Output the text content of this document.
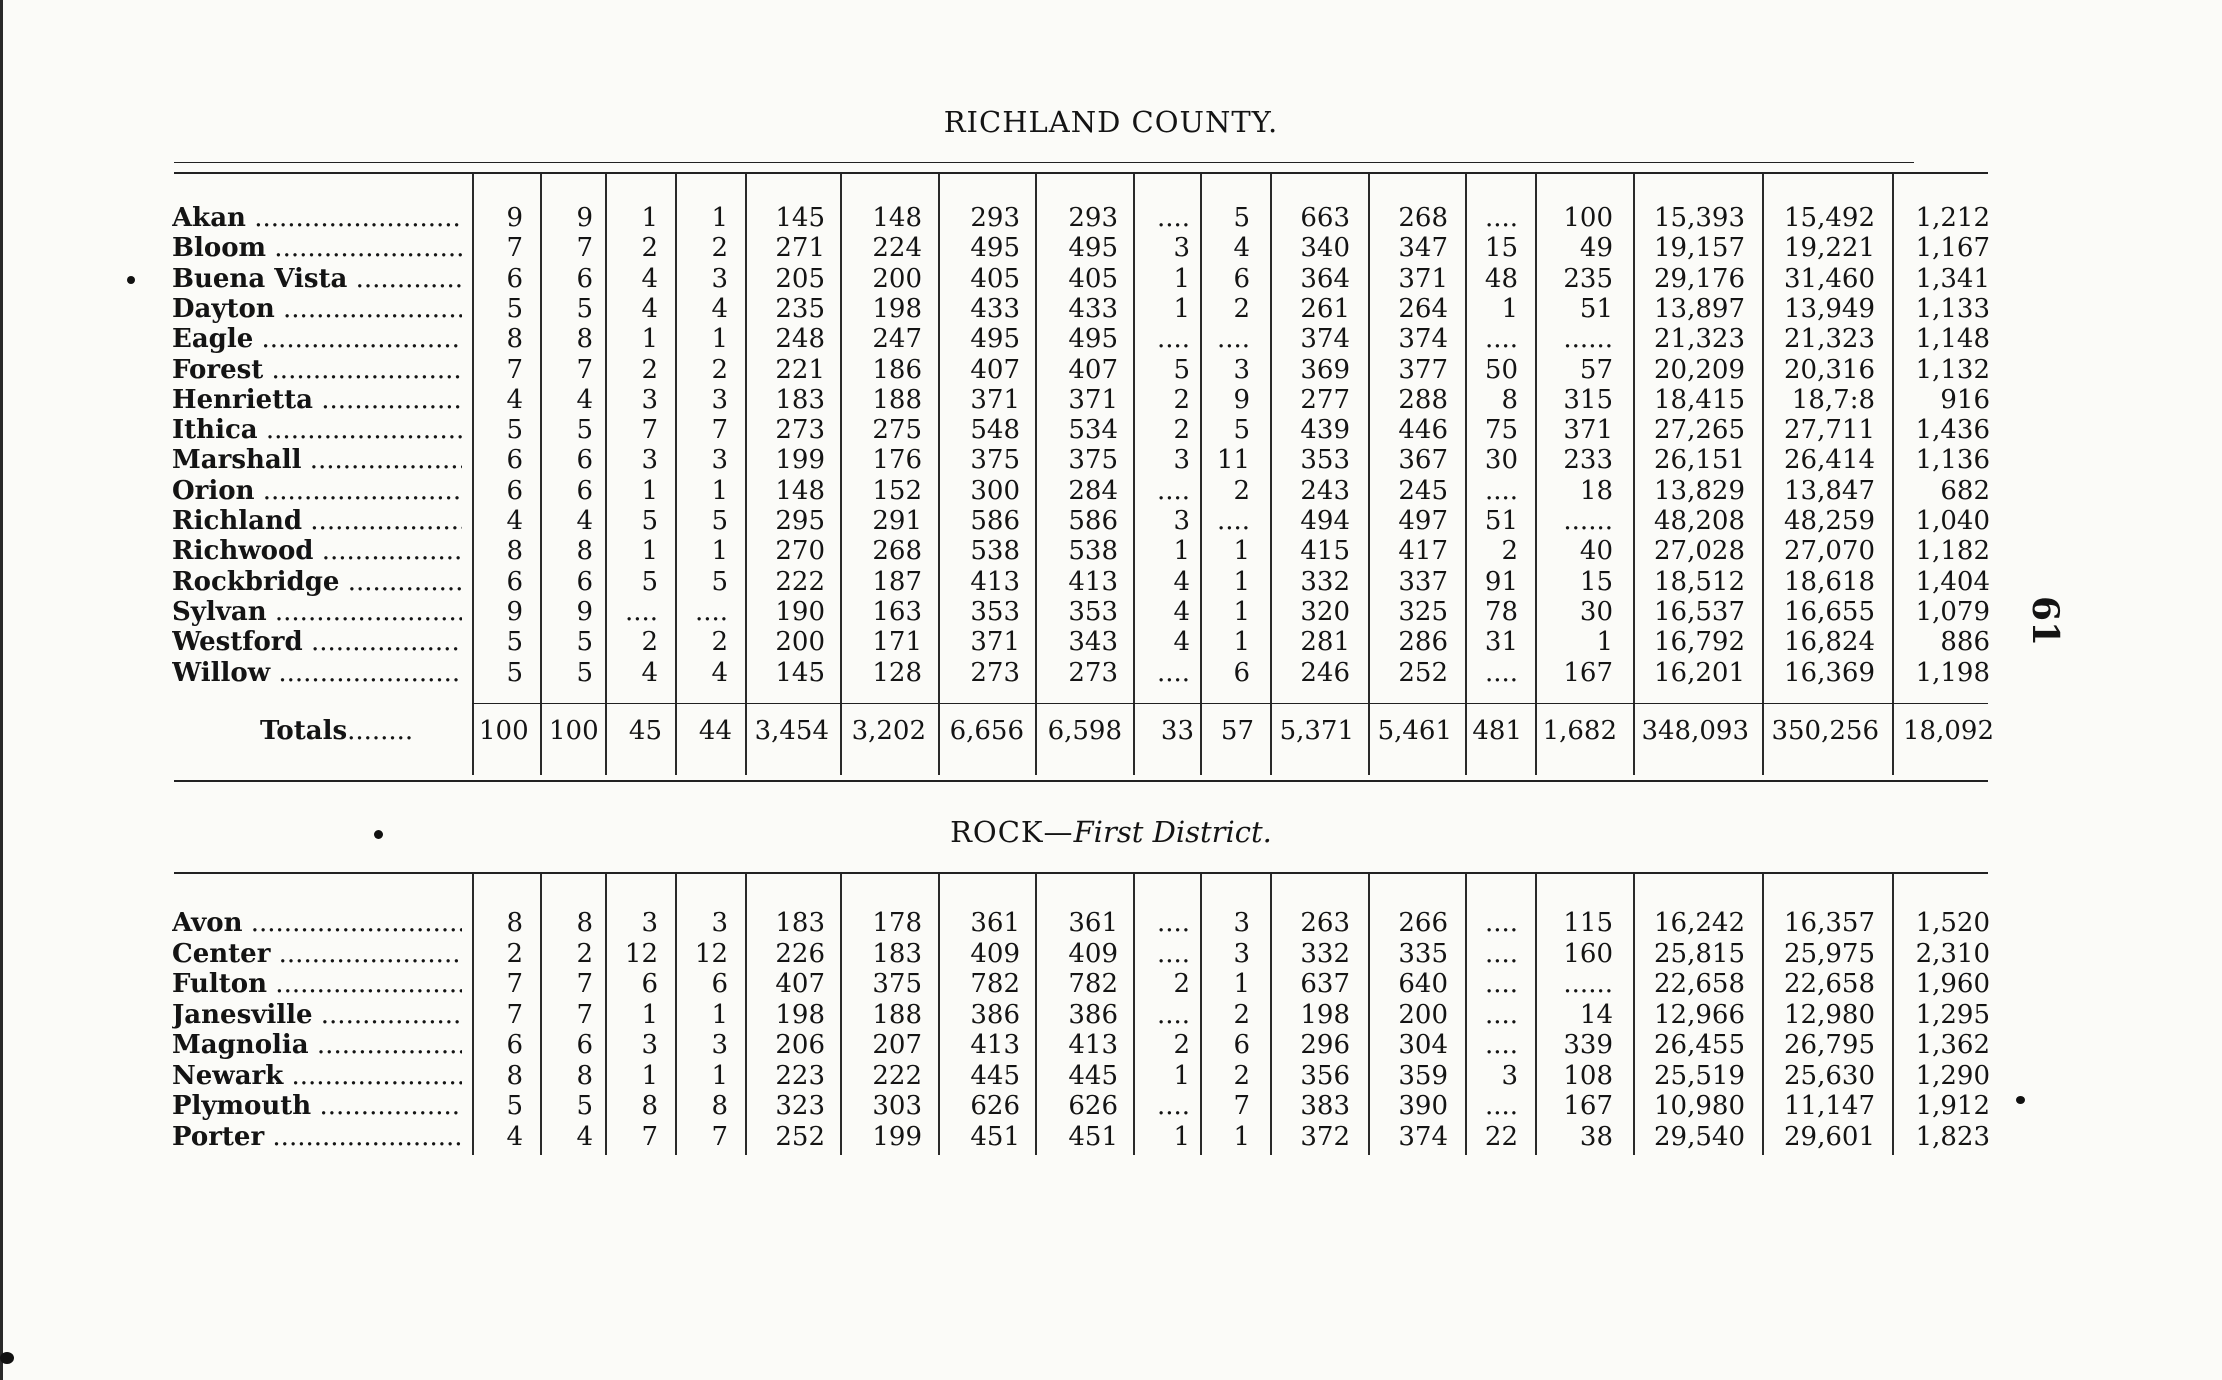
RICHLAND COUNTY.
ROCK—First District.
61
Akan .....	9	9	1	1	145	148	293	293	....	5	663	268	....	100	15,393	15,492	1,212
Bloom .....	7	7	2	2	271	224	495	495	3	4	340	347	15	49	19,157	19,221	1,167
Buena Vista .....	6	6	4	3	205	200	405	405	1	6	364	371	48	235	29,176	31,460	1,341
Dayton .....	5	5	4	4	235	198	433	433	1	2	261	264	1	51	13,897	13,949	1,133
Eagle .....	8	8	1	1	248	247	495	495	....	....	374	374	....	......	21,323	21,323	1,148
Forest .....	7	7	2	2	221	186	407	407	5	3	369	377	50	57	20,209	20,316	1,132
Henrietta .....	4	4	3	3	183	188	371	371	2	9	277	288	8	315	18,415	18,7:8	916
Ithica .....	5	5	7	7	273	275	548	534	2	5	439	446	75	371	27,265	27,711	1,436
Marshall .....	6	6	3	3	199	176	375	375	3	11	353	367	30	233	26,151	26,414	1,136
Orion .....	6	6	1	1	148	152	300	284	....	2	243	245	....	18	13,829	13,847	682
Richland .....	4	4	5	5	295	291	586	586	3	....	494	497	51	......	48,208	48,259	1,040
Richwood .....	8	8	1	1	270	268	538	538	1	1	415	417	2	40	27,028	27,070	1,182
Rockbridge .....	6	6	5	5	222	187	413	413	4	1	332	337	91	15	18,512	18,618	1,404
Sylvan .....	9	9 .... ....	190	163	353	353	4	1	320	325	78	30	16,537	16,655	1,079
Westford .....	5	5	2	2	200	171	371	343	4	1	281	286	31	1	16,792	16,824	886
Willow .....	5	5	4	4	145	128	273	273	....	6	246	252	....	167	16,201	16,369	1,198
Totals ........	100 100	45	44 3,454 3,202 6,656 6,598	33	57 5,371 5,461 481 1,682 348,093 350,256 18,092
Avon .....	8	8	3	3	183	178	361	361	....	3	263	266	....	115	16,242	16,357	1,520
Center .....	2	2 12 12	226	183	409	409	....	3	332	335	....	160	25,815	25,975	2,310
Fulton .....	7	7	6	6	407	375	782	782	2	1	637	640	....	......	22,658	22,658	1,960
Janesville .....	7	7	1	1	198	188	386	386	....	2	198	200	....	14	12,966	12,980	1,295
Magnolia .....	6	6	3	3	206	207	413	413	2	6	296	304	....	339	26,455	26,795	1,362
Newark .....	8	8	1	1	223	222	445	445	1	2	356	359	3	108	25,519	25,630	1,290
Plymouth .....	5	5	8	8	323	303	626	626	....	7	383	390	....	167	10,980	11,147	1,912
Porter .....	4	4	7	7	252	199	451	451	1	1	372	374	22	38	29,540	29,601	1,823
